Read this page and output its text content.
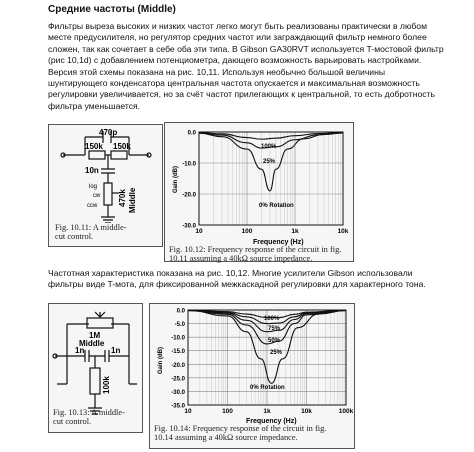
Средние частоты (Middle)
Фильтры выреза высоких и низких частот легко могут быть реализованы практически в любом
месте предусилителя, но регулятор средних частот или заграждающий фильтр немного более
сложен, так как сочетает в себе оба эти типа. В Gibson GA30RVT используется T-мостовой фильтр
(рис 10,1d) с добавлением потенциометра, дающего возможность варьировать настройками.
Версия этой схемы показана на рис. 10,11. Используя необычно большой величины
шунтирующего конденсатора центральная частота опускается и максимальная возможность
регулировки увеличивается, но за счёт частот прилегающих к центральной, то есть добротность
фильтра уменьшается.
470p
150k 150k
10n
log
cw
ccw	470k Middle
Fig. 10.11: A middle-
cut control.
10	100	1k	10k
0.0
-10.0
-20.0
-30.0
Gain (dB)
Frequency (Hz)
100%
25%
0% Rotation
Fig. 10.12: Frequency response of the circuit in fig.
10.11 assuming a 40kΩ source impedance.
Частотная характеристика показана на рис. 10,12. Многие усилители Gibson использовали
фильтры виде T-мота, для фиксированной межкаскадной регулировки для характерного тона.
1M
Middle
1n	1n
100k
Fig. 10.13: A middle-
cut control.
10	100	1k	10k	100k
0.0
-5.0
-10.0
-15.0
-20.0
-25.0
-30.0
-35.0
Gain (dB)
Frequency (Hz)
100%
75%
50%
25%
0% Rotation
Fig. 10.14: Frequency response of the circuit in fig.
10.14 assuming a 40kΩ source impedance.
